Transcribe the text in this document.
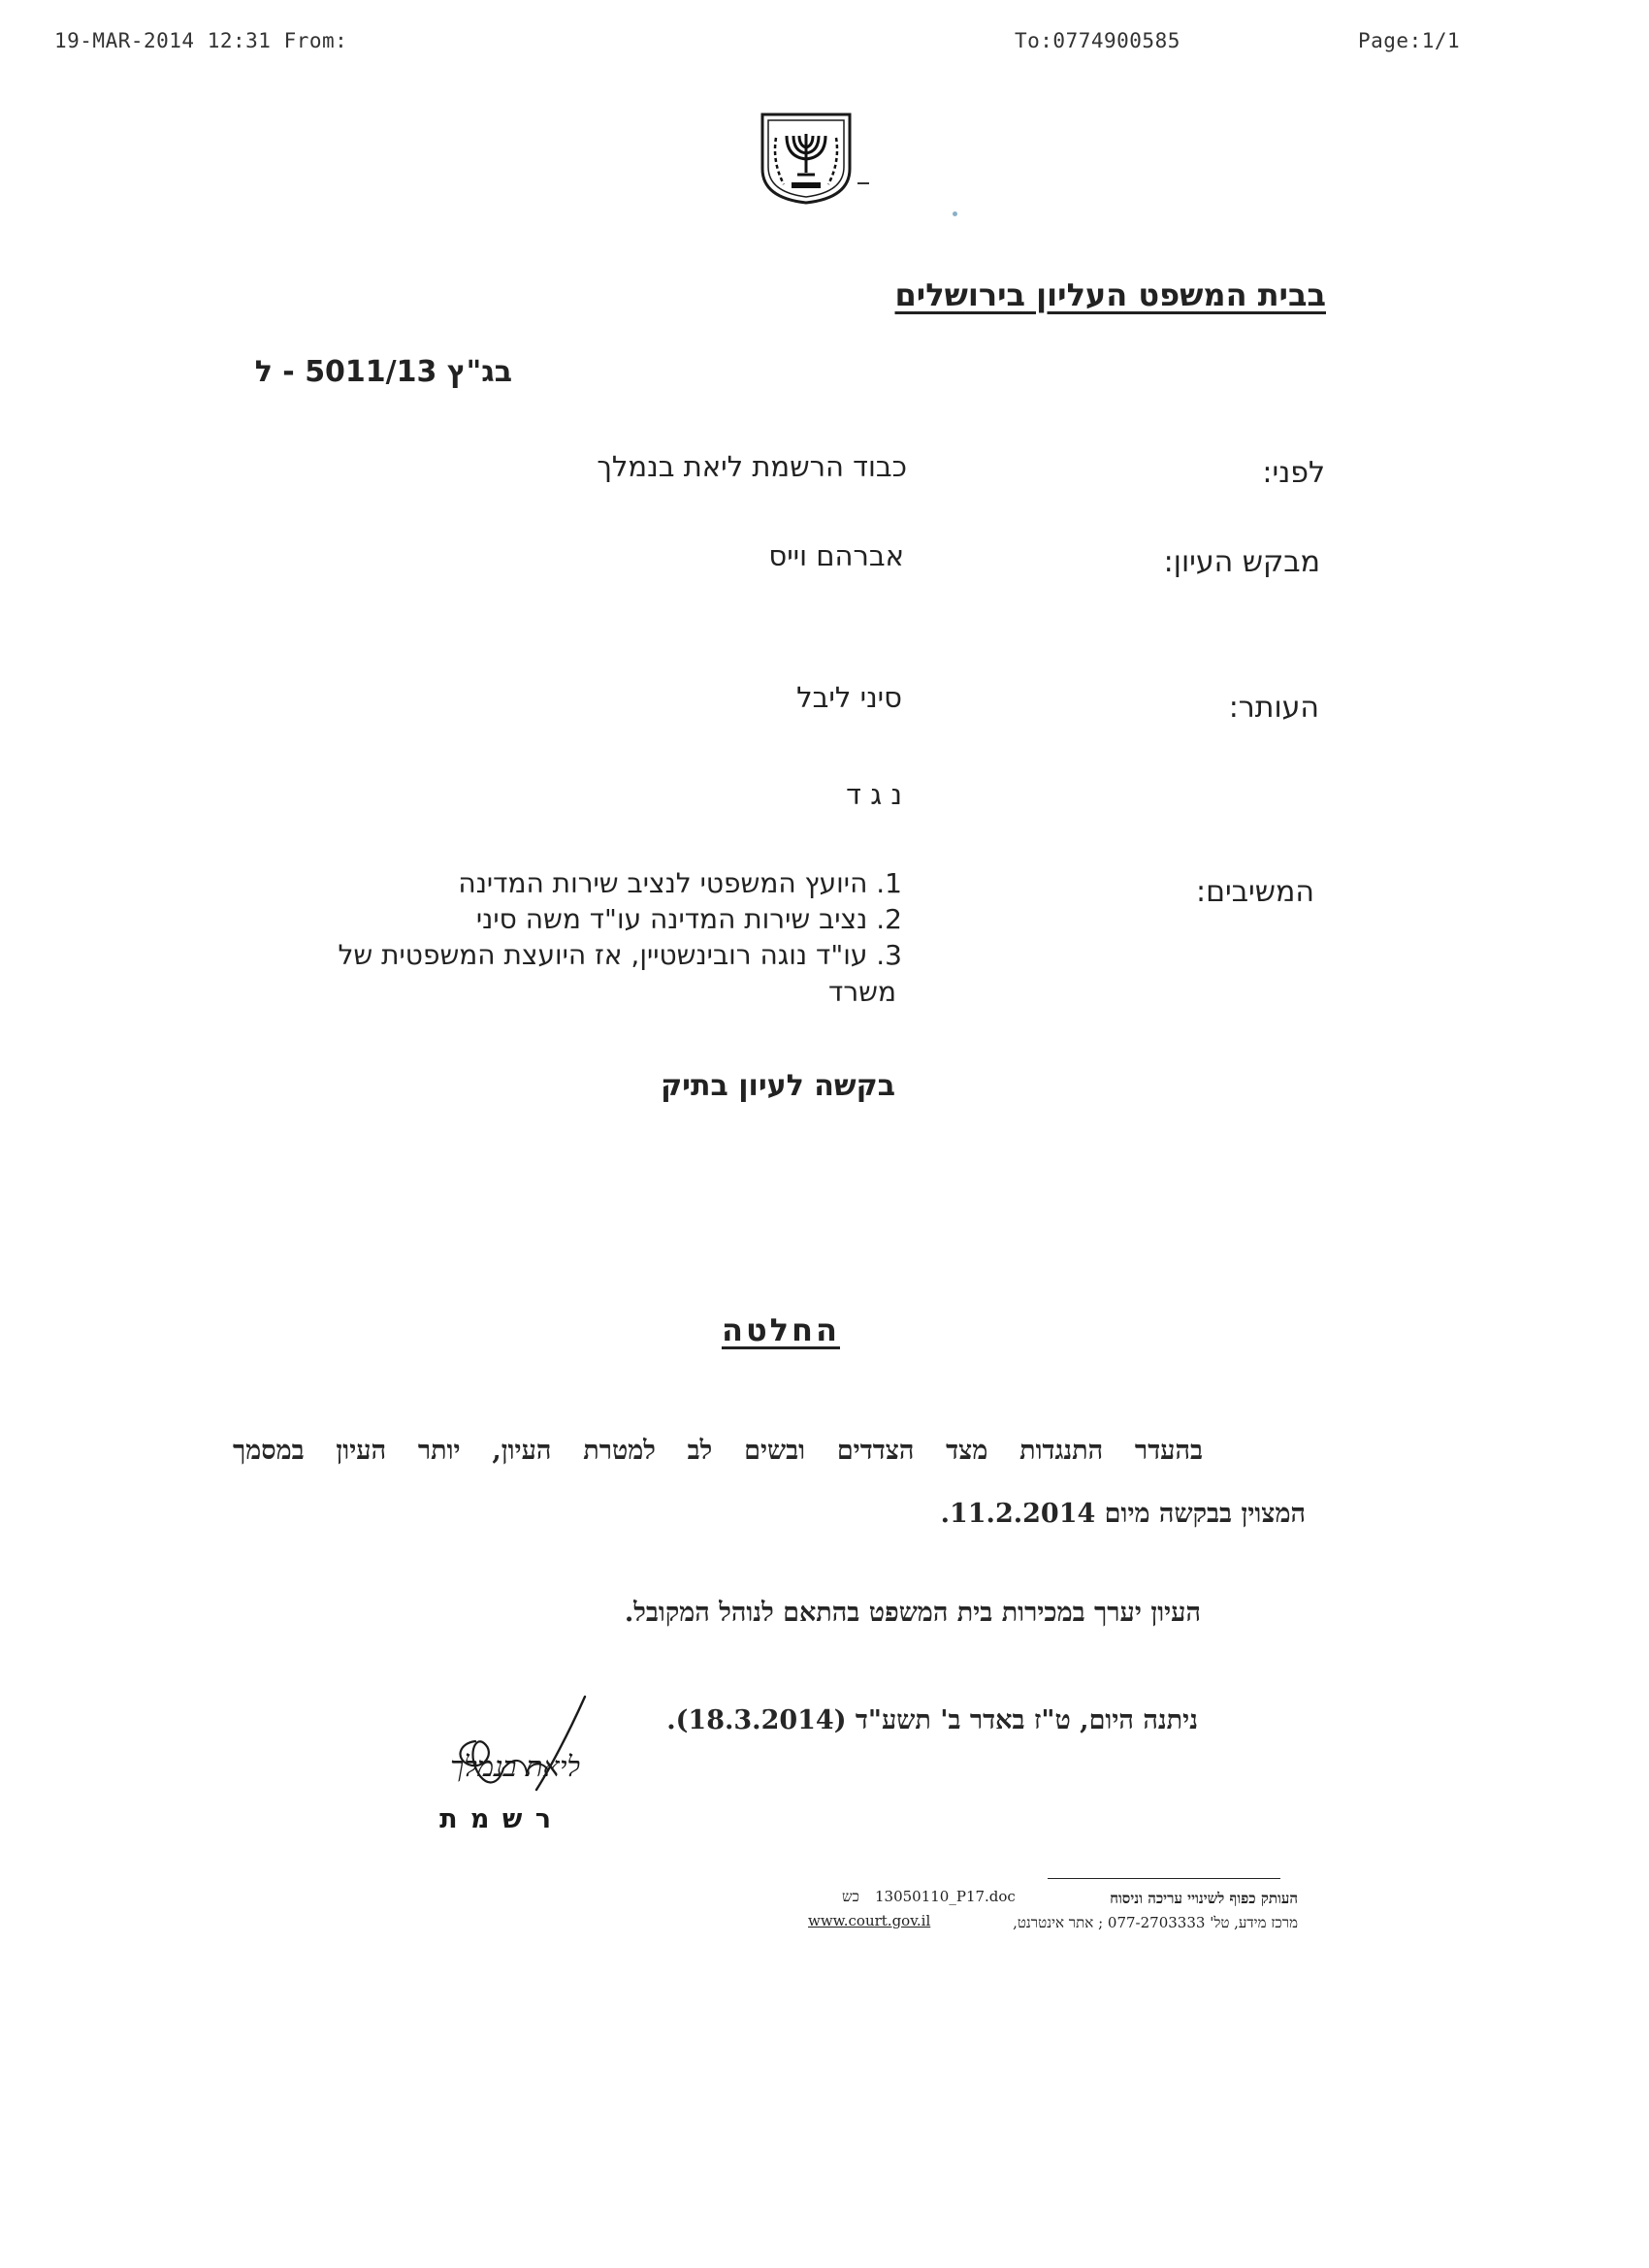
19-MAR-2014 12:31 From:	To:0774900585	Page:1/1
בבית המשפט העליון בירושלים
בג"ץ 5011/13 - ל
לפני:
כבוד הרשמת ליאת בנמלך
מבקש העיון:
אברהם וייס
העותר:
סיני ליבל
נ ג ד
המשיבים:
1. היועץ המשפטי לנציב שירות המדינה
2. נציב שירות המדינה עו"ד משה סיני
3. עו"ד נוגה רובינשטיין, אז היועצת המשפטית של
משרד
בקשה לעיון בתיק
החלטה
בהעדר התנגדות מצד הצדדים ובשים לב למטרת העיון, יותר העיון במסמך
המצוין בבקשה מיום 11.2.2014.
העיון יערך במכירות בית המשפט בהתאם לנוהל המקובל.
ניתנה היום, ט"ז באדר ב' תשע"ד (18.3.2014).
ליאת בנמלך
ר ש מ ת
העותק כפוף לשינויי עריכה וניסוח
13050110_P17.doc
כש
מרכז מידע, טל' 077-2703333 ; אתר אינטרנט,
www.court.gov.il
